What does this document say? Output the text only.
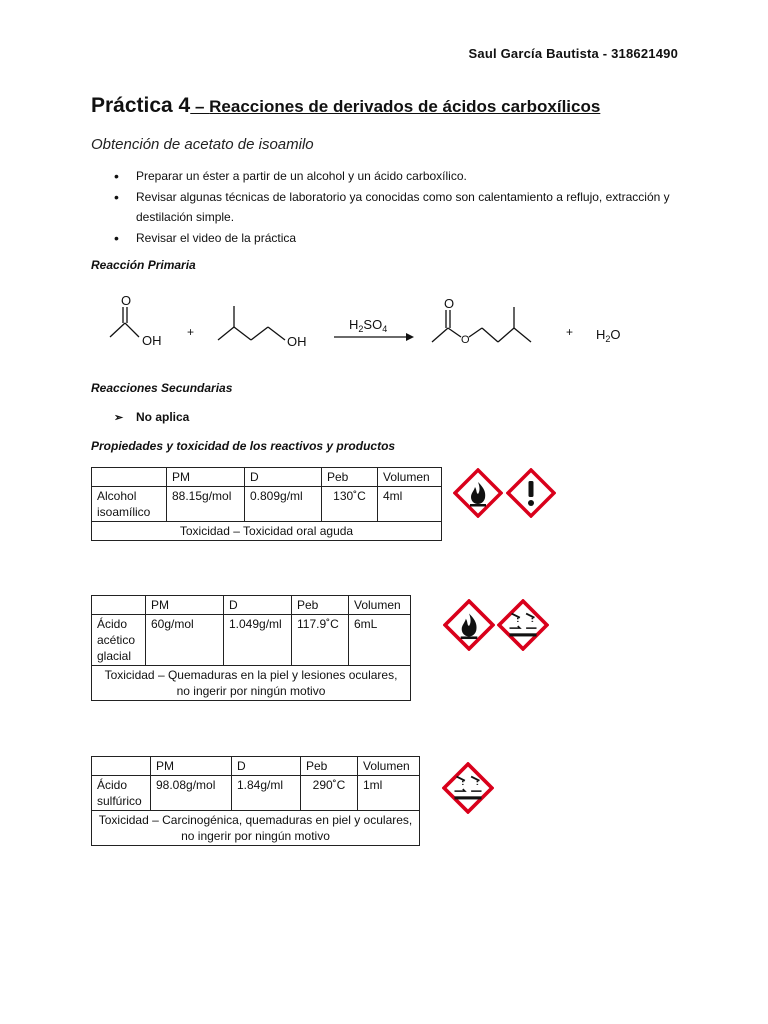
Saul García Bautista - 318621490
Práctica 4 – Reacciones de derivados de ácidos carboxílicos
Obtención de acetato de isoamilo
• Preparar un éster a partir de un alcohol y un ácido carboxílico.
• Revisar algunas técnicas de laboratorio ya conocidas como son calentamiento a reflujo, extracción y destilación simple.
• Revisar el video de la práctica
Reacción Primaria
O
OH
+
OH
$H_2SO_4$
O
O
+ $H_2O$
Reacciones Secundarias
➢ No aplica
Propiedades y toxicidad de los reactivos y productos
	PM	D	Peb	Volumen
Alcohol isoamílico	88.15g/mol	0.809g/ml	130˚C	4ml
Toxicidad – Toxicidad oral aguda				
	PM	D	Peb	Volumen
Ácido acético glacial	60g/mol	1.049g/ml	117.9˚C	6mL
Toxicidad – Quemaduras en la piel y lesiones oculares, no ingerir por ningún motivo				
	PM	D	Peb	Volumen
Ácido sulfúrico	98.08g/mol	1.84g/ml	290˚C	1ml
Toxicidad – Carcinogénica, quemaduras en piel y oculares, no ingerir por ningún motivo				
